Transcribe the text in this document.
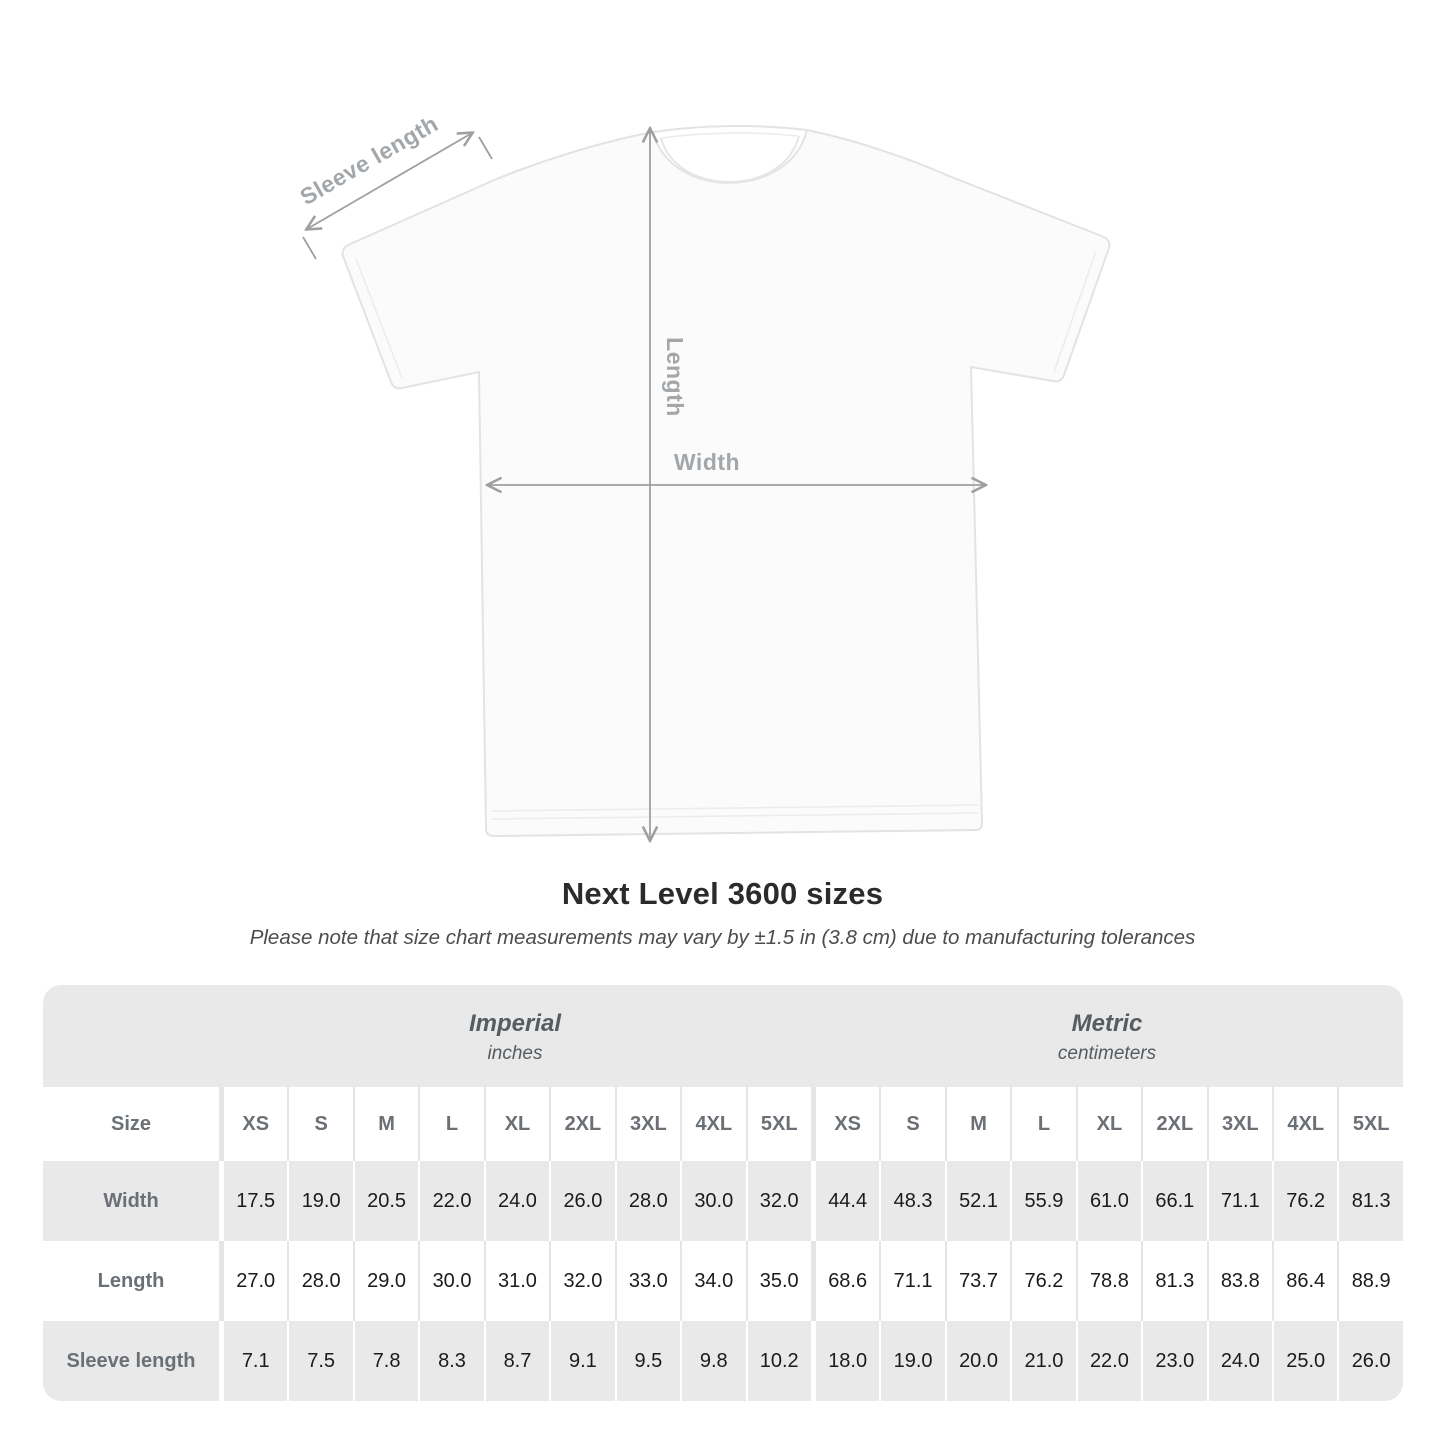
Sleeve length
Length
Width
Next Level 3600 sizes
Please note that size chart measurements may vary by ±1.5 in (3.8 cm) due to manufacturing tolerances
Imperial
inches
Metric
centimeters
Size	XS	S	M	L	XL	2XL	3XL	4XL	5XL	XS	S	M	L	XL	2XL	3XL	4XL	5XL
Width	17.5	19.0	20.5	22.0	24.0	26.0	28.0	30.0	32.0	44.4	48.3	52.1	55.9	61.0	66.1	71.1	76.2	81.3
Length	27.0	28.0	29.0	30.0	31.0	32.0	33.0	34.0	35.0	68.6	71.1	73.7	76.2	78.8	81.3	83.8	86.4	88.9
Sleeve length	7.1	7.5	7.8	8.3	8.7	9.1	9.5	9.8	10.2	18.0	19.0	20.0	21.0	22.0	23.0	24.0	25.0	26.0
